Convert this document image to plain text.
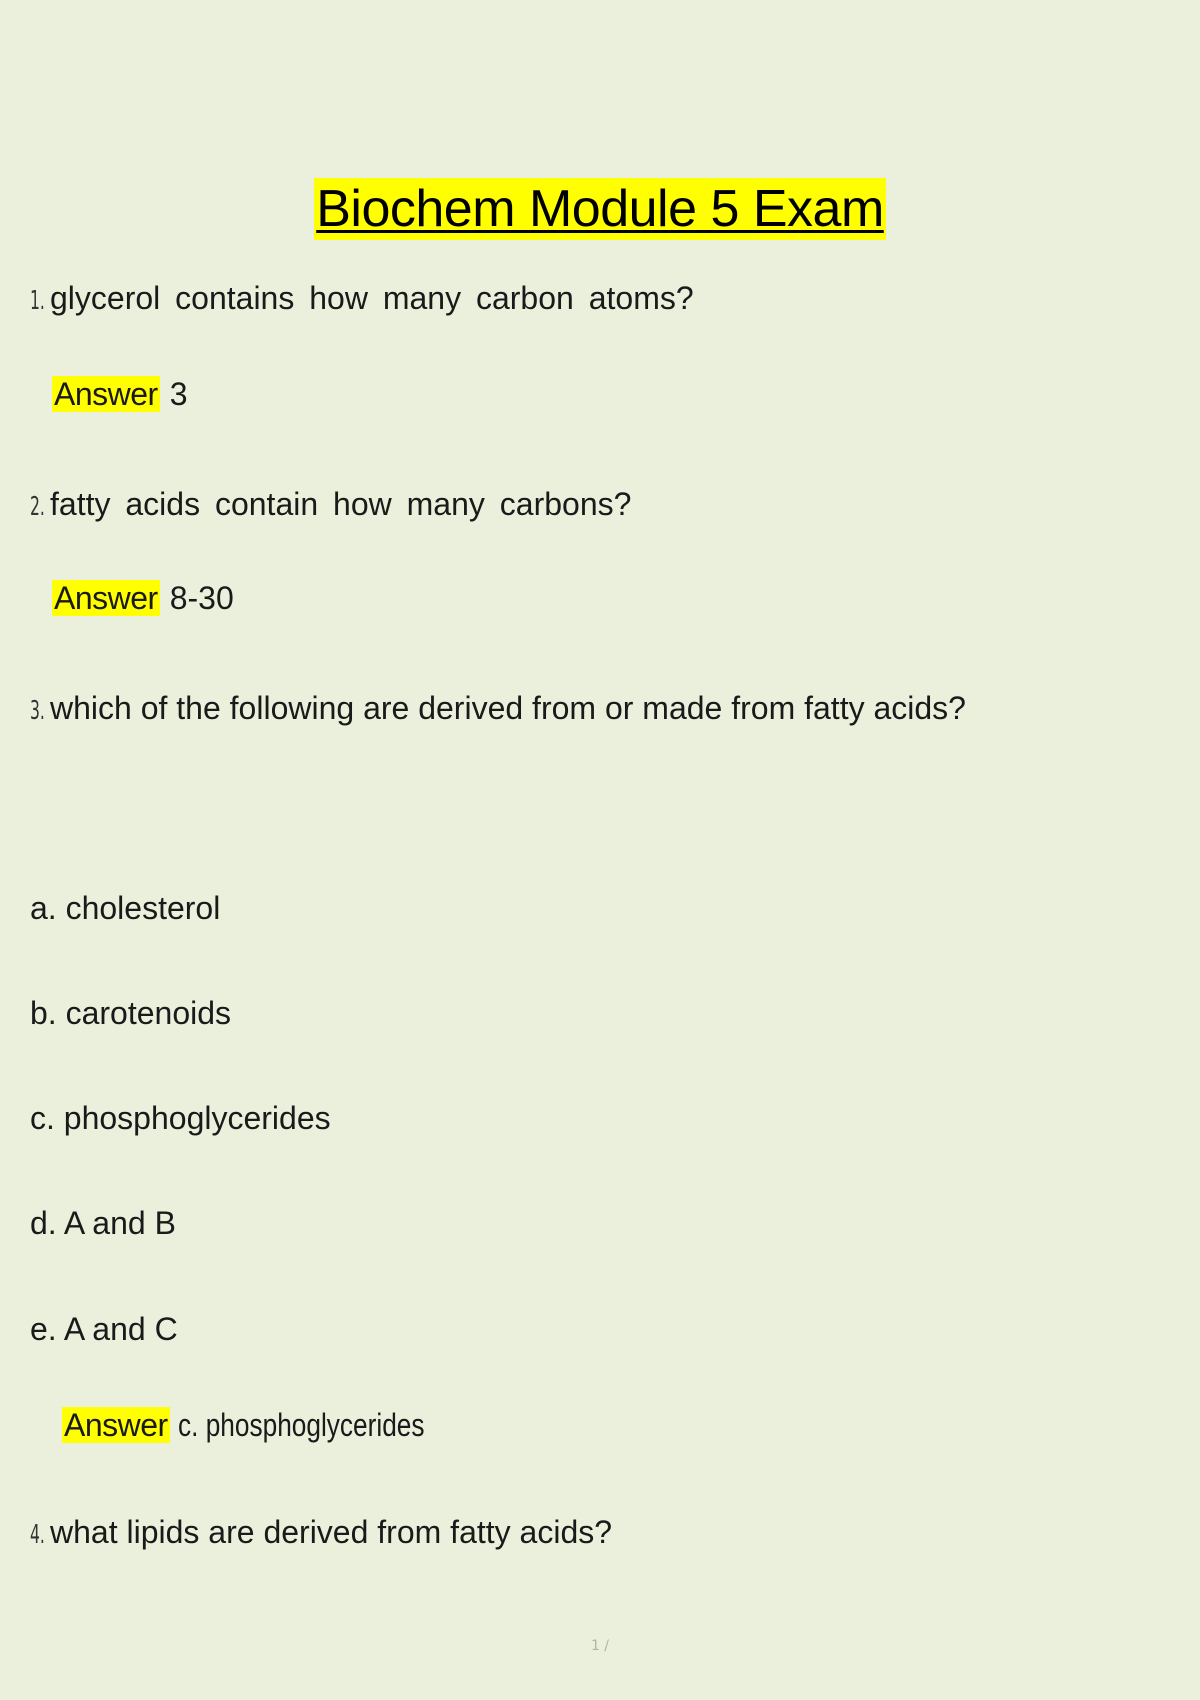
Biochem Module 5 Exam
1. glycerol contains how many carbon atoms?
Answer 3
2. fatty acids contain how many carbons?
Answer 8-30
3. which of the following are derived from or made from fatty acids?
a. cholesterol
b. carotenoids
c. phosphoglycerides
d. A and B
e. A and C
Answer c. phosphoglycerides
4. what lipids are derived from fatty acids?
1 /
